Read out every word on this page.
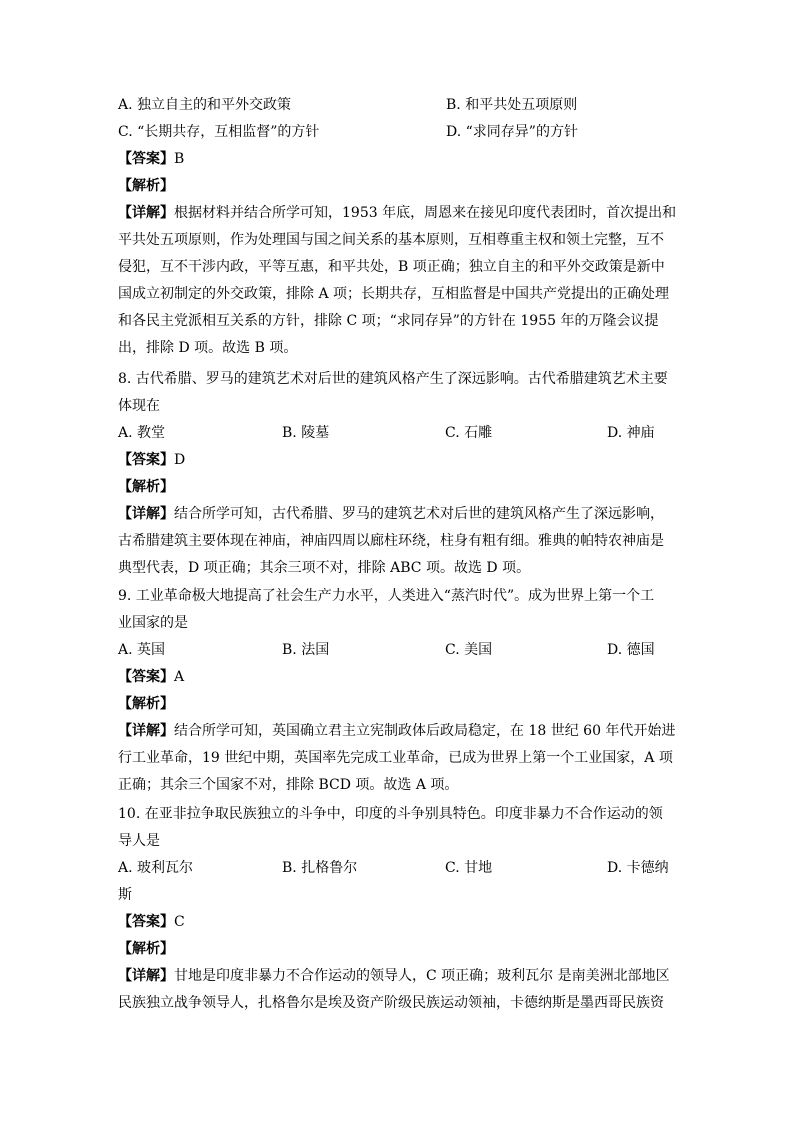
A. 独立自主的和平外交政策	B. 和平共处五项原则
C. “长期共存，互相监督”的方针	D. “求同存异”的方针
【答案】B
【解析】
【详解】根据材料并结合所学可知，1953 年底，周恩来在接见印度代表团时，首次提出和
平共处五项原则，作为处理国与国之间关系的基本原则，互相尊重主权和领土完整，互不
侵犯，互不干涉内政，平等互惠，和平共处，B 项正确；独立自主的和平外交政策是新中
国成立初制定的外交政策，排除 A 项；长期共存，互相监督是中国共产党提出的正确处理
和各民主党派相互关系的方针，排除 C 项；“求同存异”的方针在 1955 年的万隆会议提
出，排除 D 项。故选 B 项。
8. 古代希腊、罗马的建筑艺术对后世的建筑风格产生了深远影响。古代希腊建筑艺术主要
体现在
A. 教堂	B. 陵墓	C. 石雕	D. 神庙
【答案】D
【解析】
【详解】结合所学可知，古代希腊、罗马的建筑艺术对后世的建筑风格产生了深远影响，
古希腊建筑主要体现在神庙，神庙四周以廊柱环绕，柱身有粗有细。雅典的帕特农神庙是
典型代表，D 项正确；其余三项不对，排除 ABC 项。故选 D 项。
9. 工业革命极大地提高了社会生产力水平，人类进入“蒸汽时代”。成为世界上第一个工
业国家的是
A. 英国	B. 法国	C. 美国	D. 德国
【答案】A
【解析】
【详解】结合所学可知，英国确立君主立宪制政体后政局稳定，在 18 世纪 60 年代开始进
行工业革命，19 世纪中期，英国率先完成工业革命，已成为世界上第一个工业国家，A 项
正确；其余三个国家不对，排除 BCD 项。故选 A 项。
10. 在亚非拉争取民族独立的斗争中，印度的斗争别具特色。印度非暴力不合作运动的领
导人是
A. 玻利瓦尔	B. 扎格鲁尔	C. 甘地	D. 卡德纳
斯
【答案】C
【解析】
【详解】甘地是印度非暴力不合作运动的领导人，C 项正确；玻利瓦尔 是南美洲北部地区
民族独立战争领导人，扎格鲁尔是埃及资产阶级民族运动领袖，卡德纳斯是墨西哥民族资
